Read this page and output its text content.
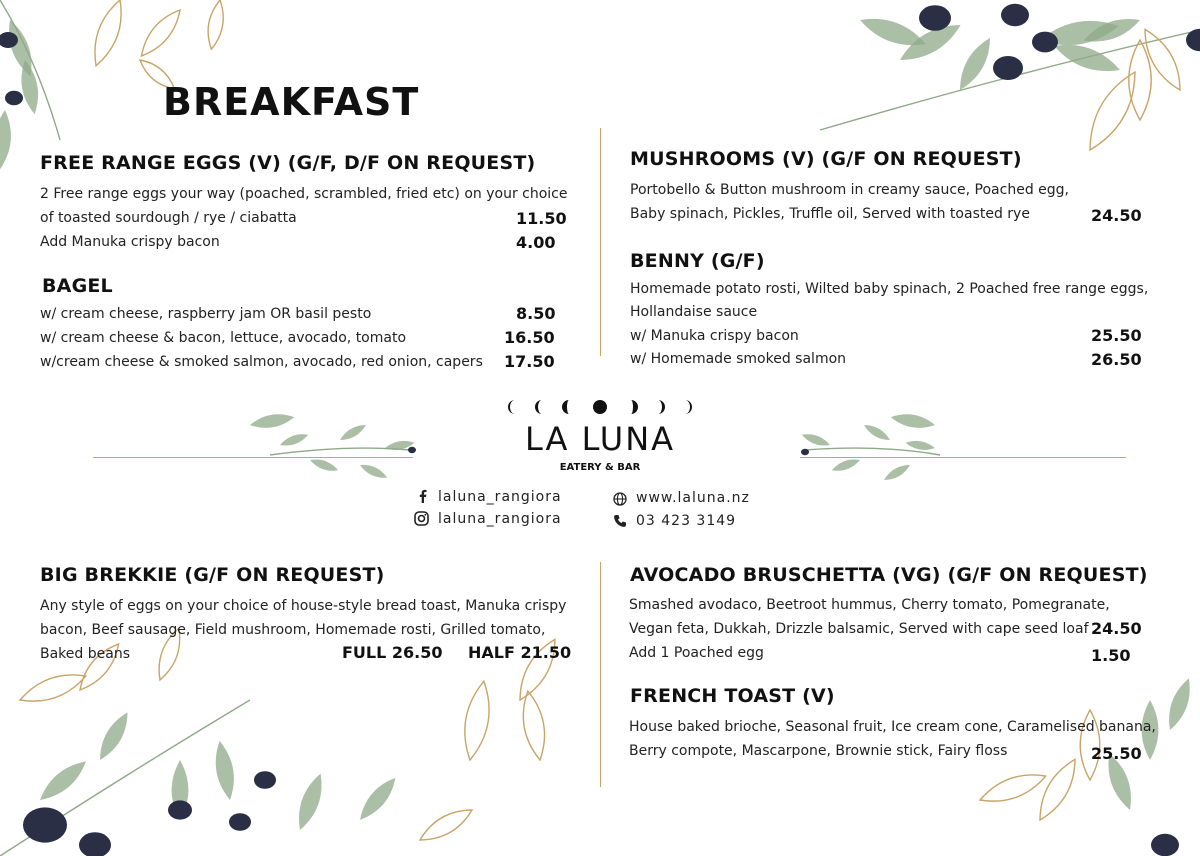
BREAKFAST
FREE RANGE EGGS (V) (G/F, D/F ON REQUEST)
2 Free range eggs your way (poached, scrambled, fried etc) on your choice
of toasted sourdough / rye / ciabatta	11.50
Add Manuka crispy bacon	4.00
BAGEL
w/ cream cheese, raspberry jam OR basil pesto	8.50
w/ cream cheese & bacon, lettuce, avocado, tomato	16.50
w/cream cheese & smoked salmon, avocado, red onion, capers 17.50
MUSHROOMS (V) (G/F ON REQUEST)
Portobello & Button mushroom in creamy sauce, Poached egg,
Baby spinach, Pickles, Truffle oil, Served with toasted rye	24.50
BENNY (G/F)
Homemade potato rosti, Wilted baby spinach, 2 Poached free range eggs,
Hollandaise sauce
w/ Manuka crispy bacon	25.50
w/ Homemade smoked salmon	26.50
LA LUNA
EATERY & BAR
laluna_rangiora
laluna_rangiora
www.laluna.nz
03 423 3149
BIG BREKKIE (G/F ON REQUEST)
Any style of eggs on your choice of house-style bread toast, Manuka crispy
bacon, Beef sausage, Field mushroom, Homemade rosti, Grilled tomato,
Baked beans	FULL 26.50 HALF 21.50
AVOCADO BRUSCHETTA (VG) (G/F ON REQUEST)
Smashed avodaco, Beetroot hummus, Cherry tomato, Pomegranate,
Vegan feta, Dukkah, Drizzle balsamic, Served with cape seed loaf 24.50
Add 1 Poached egg	1.50
FRENCH TOAST (V)
House baked brioche, Seasonal fruit, Ice cream cone, Caramelised banana,
Berry compote, Mascarpone, Brownie stick, Fairy floss	25.50
